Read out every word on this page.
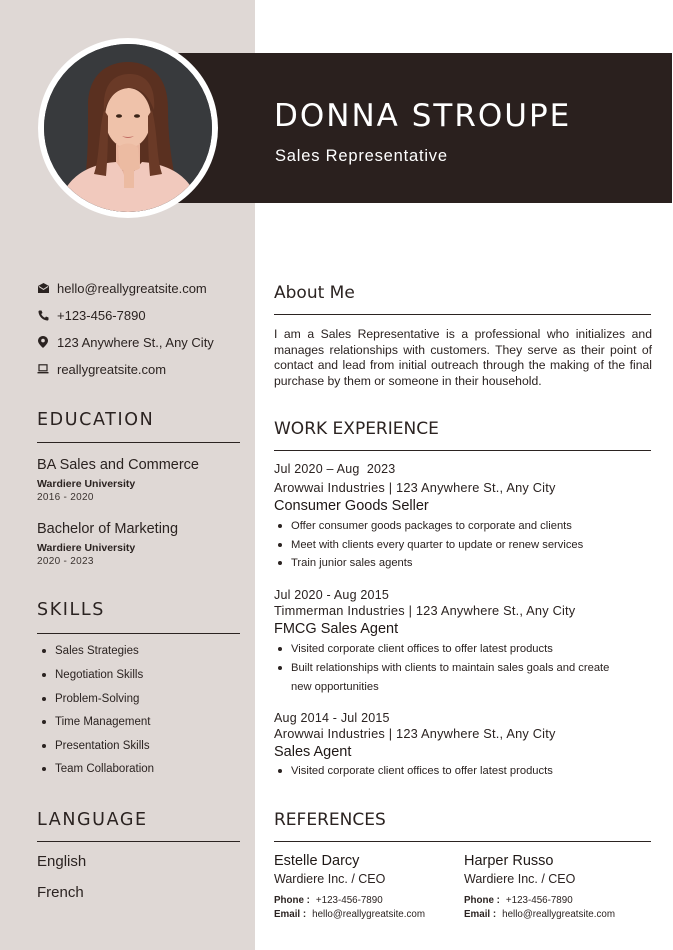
DONNA STROUPE
Sales Representative
hello@reallygreatsite.com
+123-456-7890
123 Anywhere St., Any City
reallygreatsite.com
EDUCATION
BA Sales and Commerce
Wardiere University
2016 - 2020
Bachelor of Marketing
Wardiere University
2020 - 2023
SKILLS
Sales Strategies
Negotiation Skills
Problem-Solving
Time Management
Presentation Skills
Team Collaboration
LANGUAGE
English
French
About Me
I am a Sales Representative is a professional who initializes and manages relationships with customers. They serve as their point of contact and lead from initial outreach through the making of the final purchase by them or someone in their household.
WORK EXPERIENCE
Jul 2020 – Aug  2023
Arowwai Industries | 123 Anywhere St., Any City
Consumer Goods Seller
Offer consumer goods packages to corporate and clients
Meet with clients every quarter to update or renew services
Train junior sales agents
Jul 2020 - Aug 2015
Timmerman Industries | 123 Anywhere St., Any City
FMCG Sales Agent
Visited corporate client offices to offer latest products
Built relationships with clients to maintain sales goals and create
new opportunities
Aug 2014 - Jul 2015
Arowwai Industries | 123 Anywhere St., Any City
Sales Agent
Visited corporate client offices to offer latest products
REFERENCES
Estelle Darcy
Wardiere Inc. / CEO
Phone : +123-456-7890
Email : hello@reallygreatsite.com
Harper Russo
Wardiere Inc. / CEO
Phone : +123-456-7890
Email : hello@reallygreatsite.com
